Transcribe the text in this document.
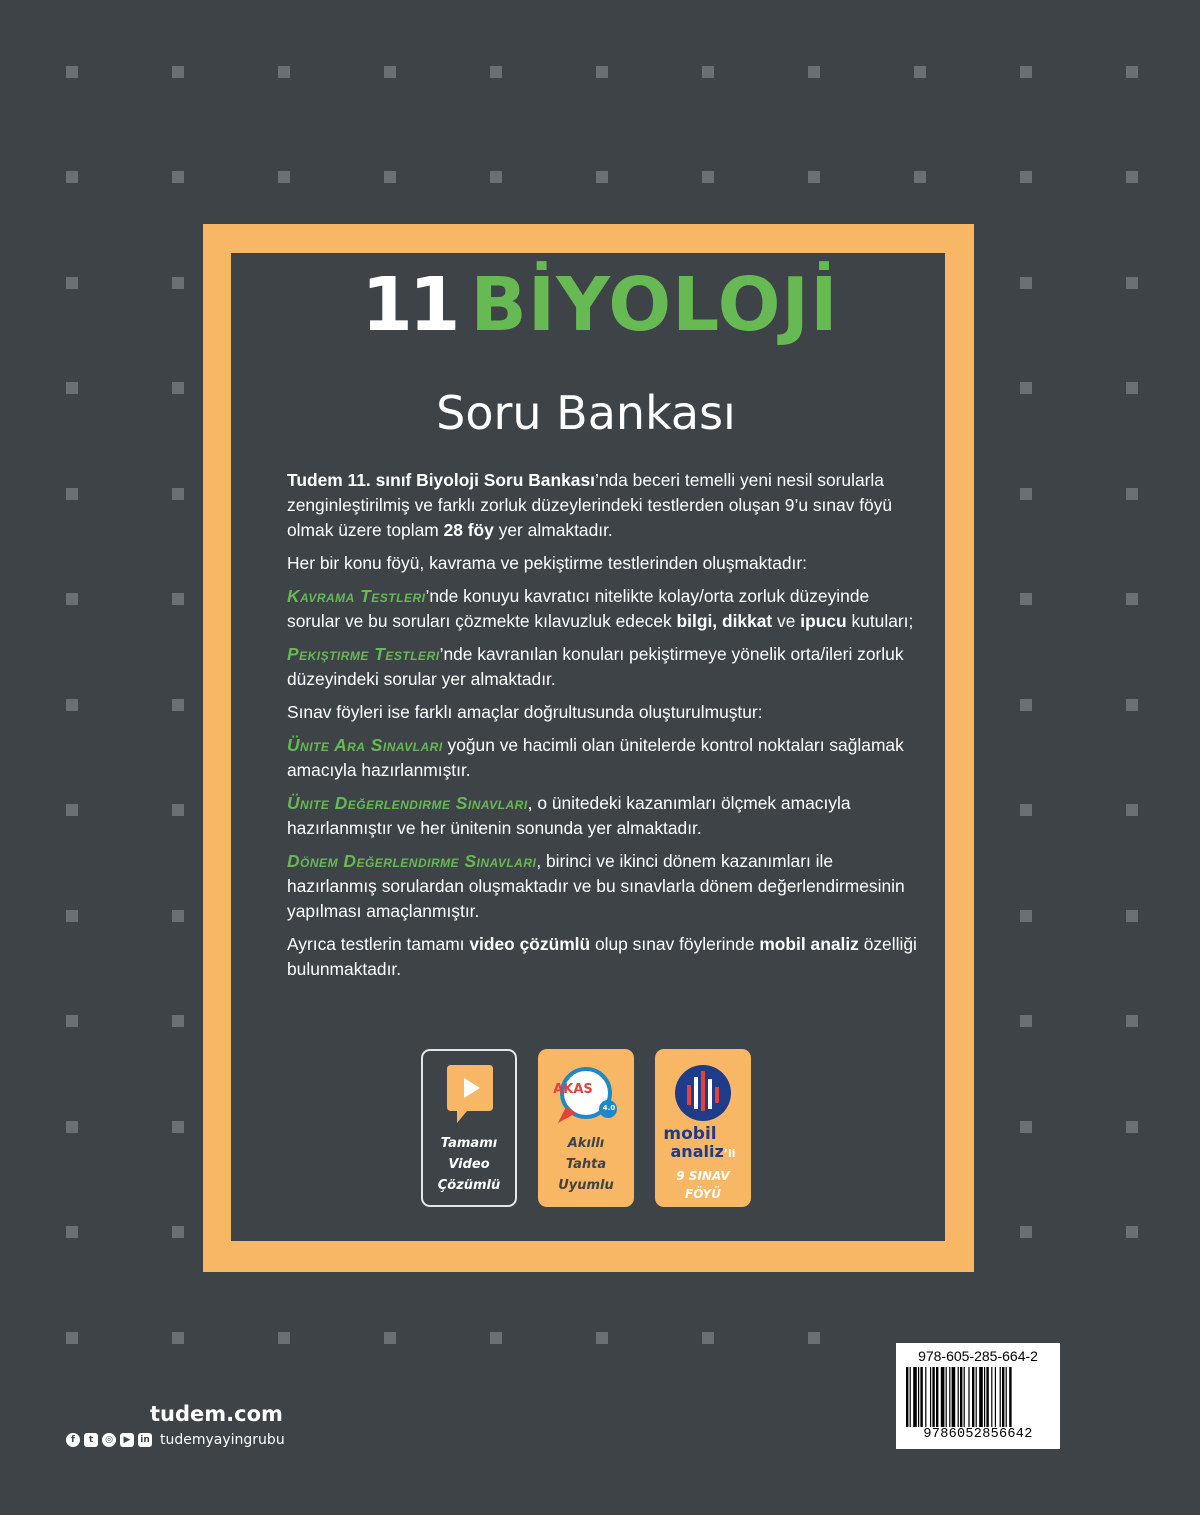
11 BİYOLOJİ
Soru Bankası

Tudem 11. sınıf Biyoloji Soru Bankası’nda beceri temelli yeni nesil sorularla zenginleştirilmiş ve farklı zorluk düzeylerindeki testlerden oluşan 9’u sınav föyü olmak üzere toplam 28 föy yer almaktadır.

Her bir konu föyü, kavrama ve pekiştirme testlerinden oluşmaktadır:

Kavrama Testleri’nde konuyu kavratıcı nitelikte kolay/orta zorluk düzeyinde sorular ve bu soruları çözmekte kılavuzluk edecek bilgi, dikkat ve ipucu kutuları;

Pekiştirme Testleri’nde kavranılan konuları pekiştirmeye yönelik orta/ileri zorluk düzeyindeki sorular yer almaktadır.

Sınav föyleri ise farklı amaçlar doğrultusunda oluşturulmuştur:

Ünite Ara Sınavları yoğun ve hacimli olan ünitelerde kontrol noktaları sağlamak amacıyla hazırlanmıştır.

Ünite Değerlendirme Sınavları, o ünitedeki kazanımları ölçmek amacıyla hazırlanmıştır ve her ünitenin sonunda yer almaktadır.

Dönem Değerlendirme Sınavları, birinci ve ikinci dönem kazanımları ile hazırlanmış sorulardan oluşmaktadır ve bu sınavlarla dönem değerlendirmesinin yapılması amaçlanmıştır.

Ayrıca testlerin tamamı video çözümlü olup sınav föylerinde mobil analiz özelliği bulunmaktadır.

Tamamı
Video
Çözümlü
AKAS
4.0
Akıllı
Tahta
Uyumlu
mobil
analiz’li
9 SINAV
FÖYÜ
978-605-285-664-2
9786052856642
tudem.com
f	t	◎	▶	in tudemyayingrubu
